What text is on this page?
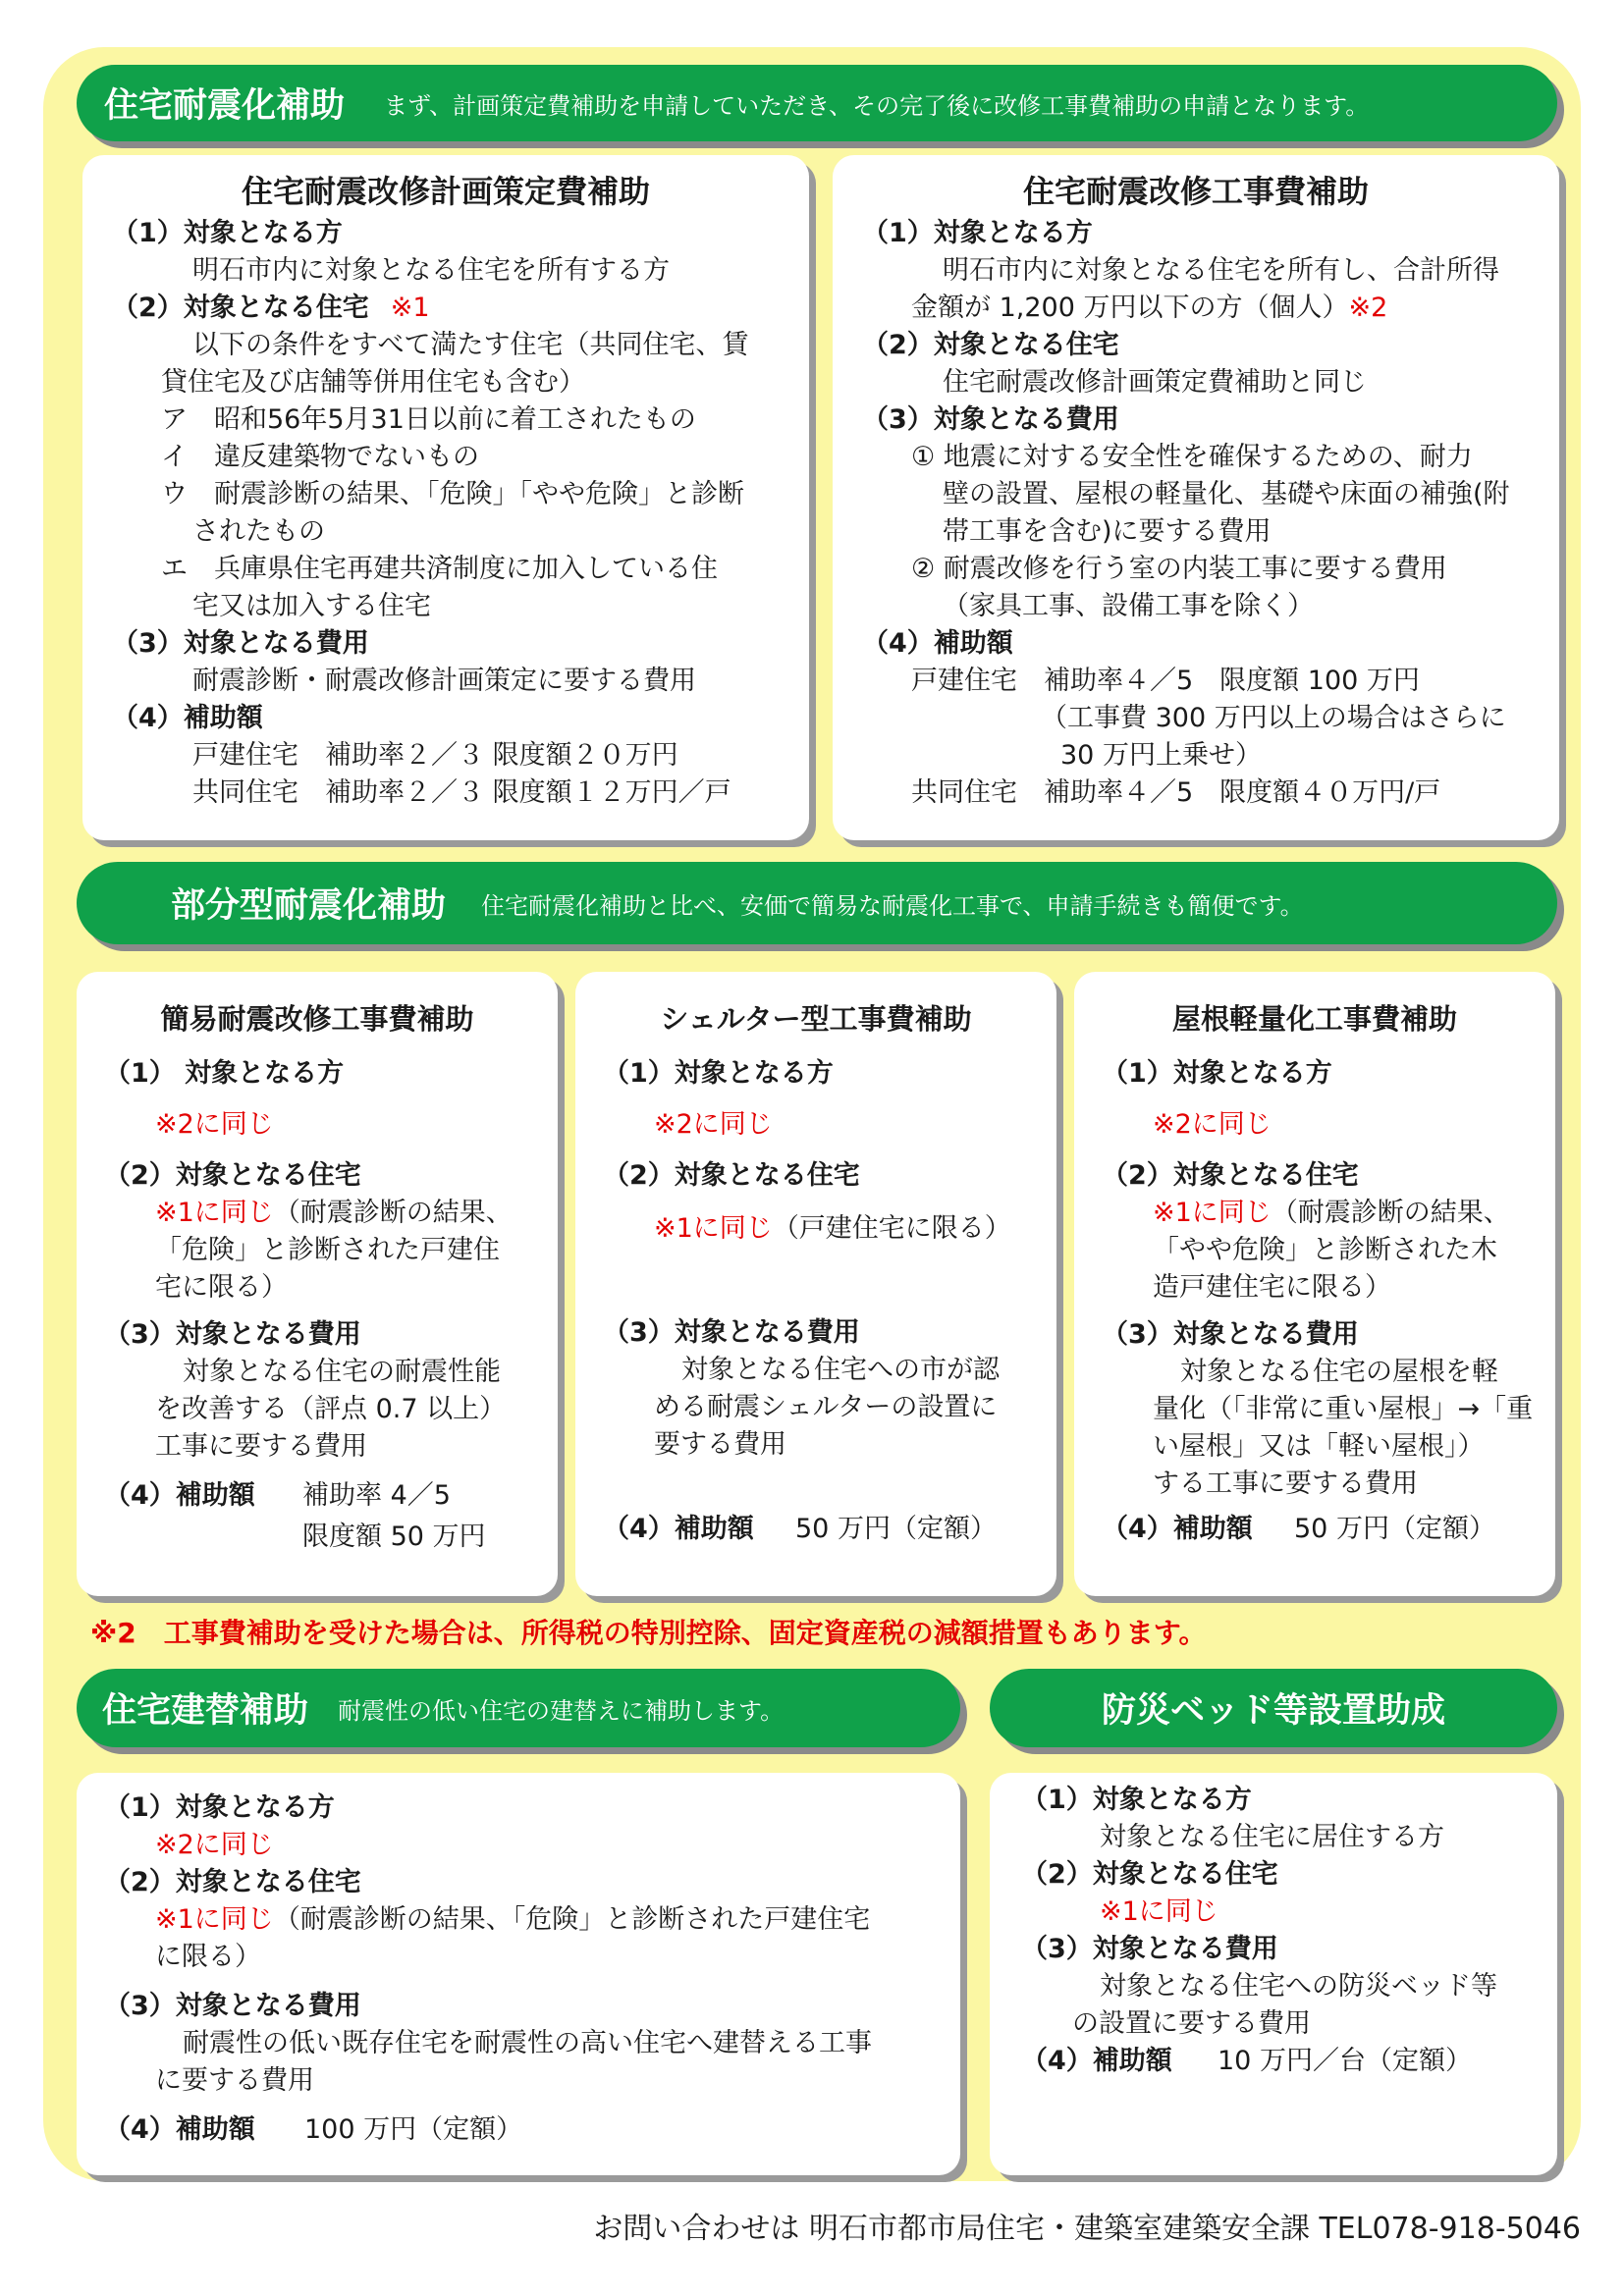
住宅耐震化補助 まず、計画策定費補助を申請していただき、その完了後に改修工事費補助の申請となります。
住宅耐震改修計画策定費補助
（1）対象となる方
明石市内に対象となる住宅を所有する方
（2）対象となる住宅 ※1
以下の条件をすべて満たす住宅（共同住宅、賃
貸住宅及び店舗等併用住宅も含む）
ア　昭和56年5月31日以前に着工されたもの
イ　違反建築物でないもの
ウ　耐震診断の結果、「危険」「やや危険」と診断
されたもの
エ　兵庫県住宅再建共済制度に加入している住
宅又は加入する住宅
（3）対象となる費用
耐震診断・耐震改修計画策定に要する費用
（4）補助額
戸建住宅　補助率２／３ 限度額２０万円
共同住宅　補助率２／３ 限度額１２万円／戸
住宅耐震改修工事費補助
（1）対象となる方
明石市内に対象となる住宅を所有し、合計所得
金額が 1,200 万円以下の方（個人）※2
（2）対象となる住宅
住宅耐震改修計画策定費補助と同じ
（3）対象となる費用
① 地震に対する安全性を確保するための、耐力
壁の設置、屋根の軽量化、基礎や床面の補強(附
帯工事を含む)に要する費用
② 耐震改修を行う室の内装工事に要する費用
（家具工事、設備工事を除く）
（4）補助額
戸建住宅　補助率４／5　限度額 100 万円
（工事費 300 万円以上の場合はさらに
30 万円上乗せ）
共同住宅　補助率４／5　限度額４０万円/戸
部分型耐震化補助 住宅耐震化補助と比べ、安価で簡易な耐震化工事で、申請手続きも簡便です。
簡易耐震改修工事費補助
（1） 対象となる方
※2に同じ
（2）対象となる住宅
※1に同じ（耐震診断の結果、
「危険」と診断された戸建住
宅に限る）
（3）対象となる費用
対象となる住宅の耐震性能
を改善する（評点 0.7 以上）
工事に要する費用
（4）補助額 補助率 4／5
限度額 50 万円
シェルター型工事費補助
（1）対象となる方
※2に同じ
（2）対象となる住宅
※1に同じ（戸建住宅に限る）
（3）対象となる費用
対象となる住宅への市が認
める耐震シェルターの設置に
要する費用
（4）補助額 50 万円（定額）
屋根軽量化工事費補助
（1）対象となる方
※2に同じ
（2）対象となる住宅
※1に同じ（耐震診断の結果、
「やや危険」と診断された木
造戸建住宅に限る）
（3）対象となる費用
対象となる住宅の屋根を軽
量化（「非常に重い屋根」→「重
い屋根」又は「軽い屋根」）
する工事に要する費用
（4）補助額 50 万円（定額）
※2　工事費補助を受けた場合は、所得税の特別控除、固定資産税の減額措置もあります。
住宅建替補助 耐震性の低い住宅の建替えに補助します。	防災ベッド等設置助成
（1）対象となる方
※2に同じ
（2）対象となる住宅
※1に同じ（耐震診断の結果、「危険」と診断された戸建住宅
に限る）
（3）対象となる費用
耐震性の低い既存住宅を耐震性の高い住宅へ建替える工事
に要する費用
（4）補助額 100 万円（定額）
（1）対象となる方
対象となる住宅に居住する方
（2）対象となる住宅
※1に同じ
（3）対象となる費用
対象となる住宅への防災ベッド等
の設置に要する費用
（4）補助額 10 万円／台（定額）
お問い合わせは 明石市都市局住宅・建築室建築安全課 TEL078-918-5046
